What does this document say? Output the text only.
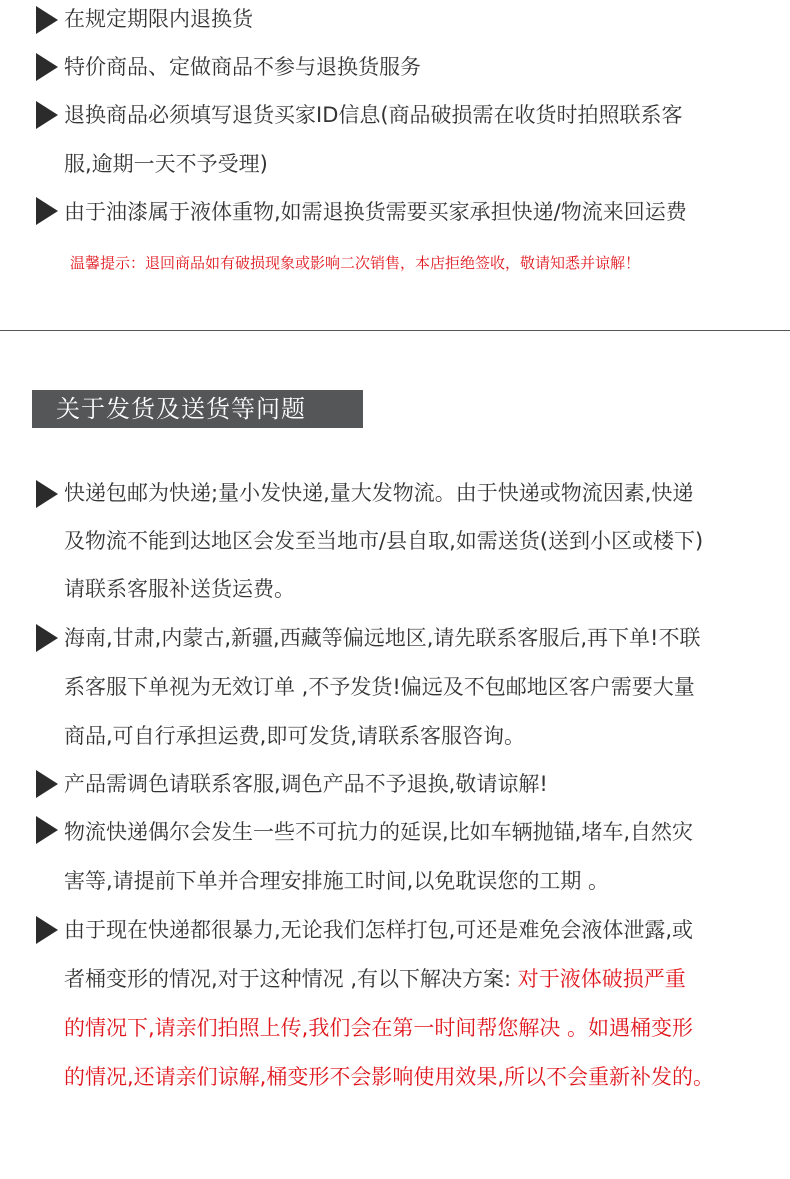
在规定期限内退换货
特价商品、定做商品不参与退换货服务
退换商品必须填写退货买家ID信息(商品破损需在收货时拍照联系客
服,逾期一天不予受理)
由于油漆属于液体重物,如需退换货需要买家承担快递/物流来回运费
温馨提示：退回商品如有破损现象或影响二次销售，本店拒绝签收，敬请知悉并谅解！
关于发货及送货等问题
快递包邮为快递;量小发快递,量大发物流。由于快递或物流因素,快递
及物流不能到达地区会发至当地市/县自取,如需送货(送到小区或楼下)
请联系客服补送货运费。
海南,甘肃,内蒙古,新疆,西藏等偏远地区,请先联系客服后,再下单!不联
系客服下单视为无效订单 ,不予发货!偏远及不包邮地区客户需要大量
商品,可自行承担运费,即可发货,请联系客服咨询。
产品需调色请联系客服,调色产品不予退换,敬请谅解!
物流快递偶尔会发生一些不可抗力的延误,比如车辆抛锚,堵车,自然灾
害等,请提前下单并合理安排施工时间,以免耽误您的工期 。
由于现在快递都很暴力,无论我们怎样打包,可还是难免会液体泄露,或
者桶变形的情况,对于这种情况 ,有以下解决方案: 对于液体破损严重
的情况下,请亲们拍照上传,我们会在第一时间帮您解决 。如遇桶变形
的情况,还请亲们谅解,桶变形不会影响使用效果,所以不会重新补发的。
